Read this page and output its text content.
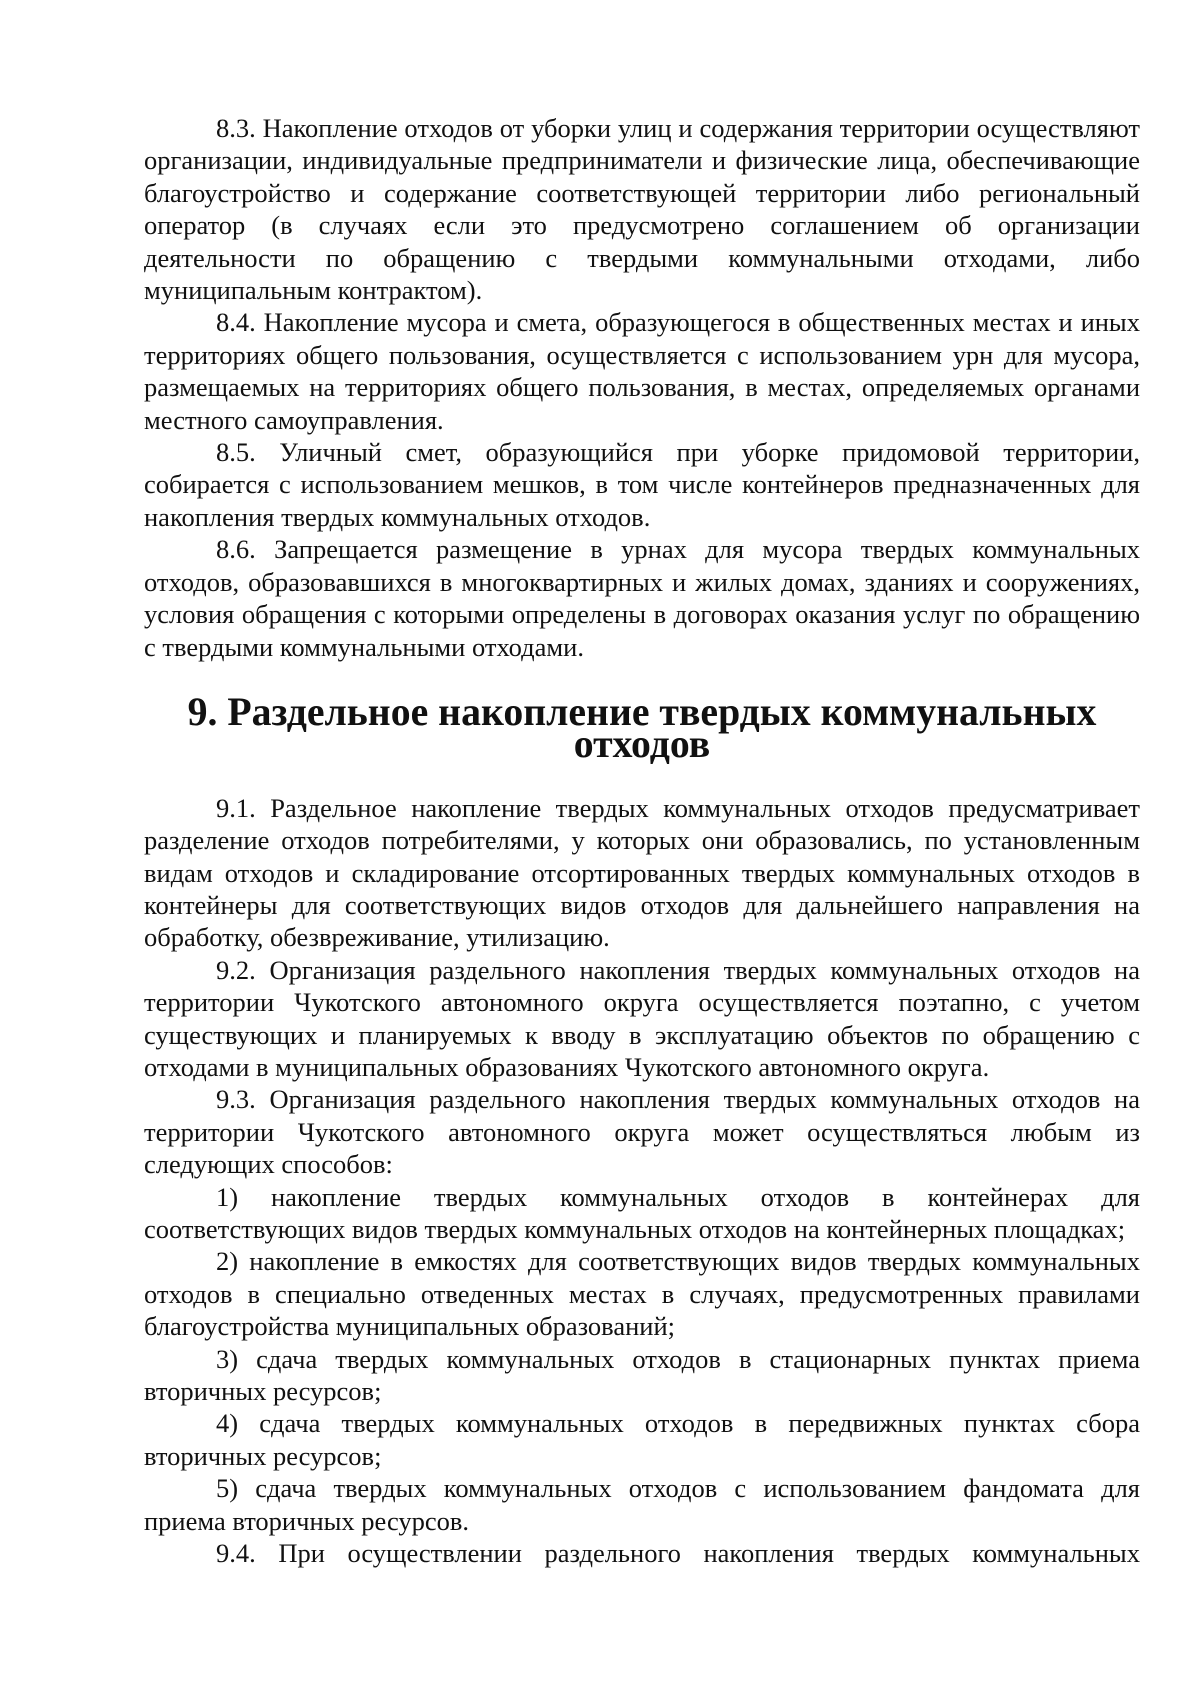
8.3. Накопление отходов от уборки улиц и содержания территории осуществляют организации, индивидуальные предприниматели и физические лица, обеспечивающие благоустройство и содержание соответствующей территории либо региональный оператор (в случаях если это предусмотрено соглашением об организации деятельности по обращению с твердыми коммунальными отходами, либо муниципальным контрактом).

8.4. Накопление мусора и смета, образующегося в общественных местах и иных территориях общего пользования, осуществляется с использованием урн для мусора, размещаемых на территориях общего пользования, в местах, определяемых органами местного самоуправления.

8.5. Уличный смет, образующийся при уборке придомовой территории, собирается с использованием мешков, в том числе контейнеров предназначенных для накопления твердых коммунальных отходов.

8.6. Запрещается размещение в урнах для мусора твердых коммунальных отходов, образовавшихся в многоквартирных и жилых домах, зданиях и сооружениях, условия обращения с которыми определены в договорах оказания услуг по обращению с твердыми коммунальными отходами.

9. Раздельное накопление твердых коммунальных отходов

9.1. Раздельное накопление твердых коммунальных отходов предусматривает разделение отходов потребителями, у которых они образовались, по установленным видам отходов и складирование отсортированных твердых коммунальных отходов в контейнеры для соответствующих видов отходов для дальнейшего направления на обработку, обезвреживание, утилизацию.

9.2. Организация раздельного накопления твердых коммунальных отходов на территории Чукотского автономного округа осуществляется поэтапно, с учетом существующих и планируемых к вводу в эксплуатацию объектов по обращению с отходами в муниципальных образованиях Чукотского автономного округа.

9.3. Организация раздельного накопления твердых коммунальных отходов на территории Чукотского автономного округа может осуществляться любым из следующих способов:

1) накопление твердых коммунальных отходов в контейнерах для соответствующих видов твердых коммунальных отходов на контейнерных площадках;

2) накопление в емкостях для соответствующих видов твердых коммунальных отходов в специально отведенных местах в случаях, предусмотренных правилами благоустройства муниципальных образований;

3) сдача твердых коммунальных отходов в стационарных пунктах приема вторичных ресурсов;

4) сдача твердых коммунальных отходов в передвижных пунктах сбора вторичных ресурсов;

5) сдача твердых коммунальных отходов с использованием фандомата для приема вторичных ресурсов.

9.4. При осуществлении раздельного накопления твердых коммунальных
